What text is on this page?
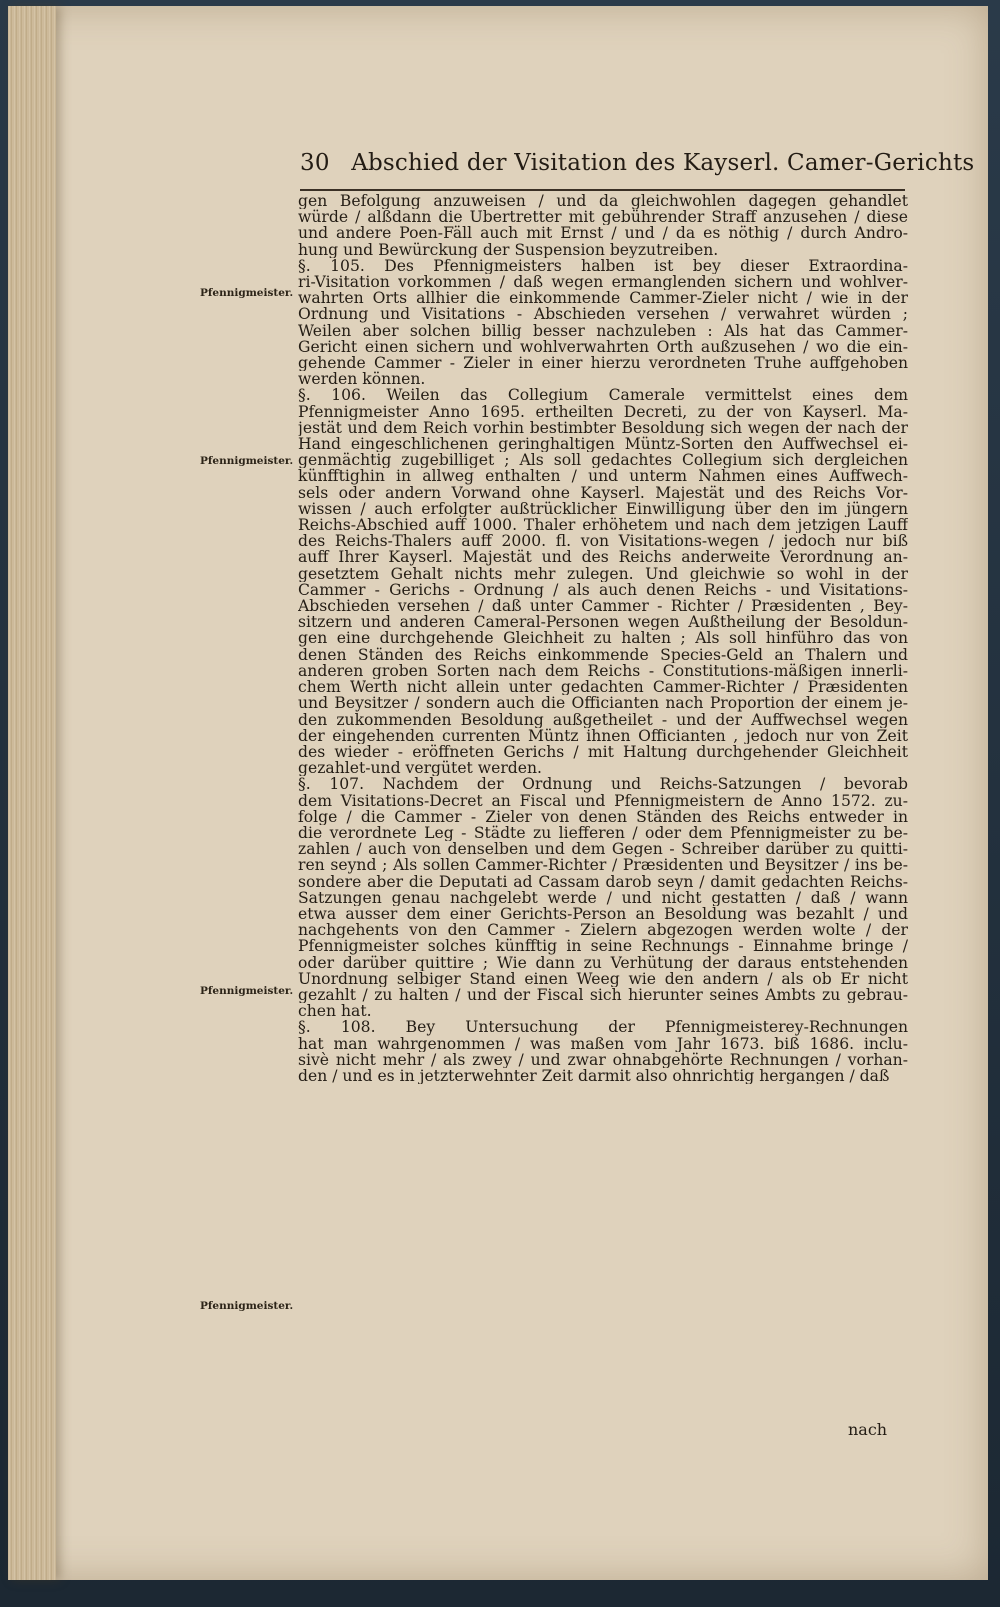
30 Abschied der Visitation des Kayserl. Camer-Gerichts
Pfennigmeister.
Pfennigmeister.
Pfennigmeister.
Pfennigmeister.
gen Befolgung anzuweisen / und da gleichwohlen dagegen gehandlet
würde / alßdann die Ubertretter mit gebührender Straff anzusehen / diese
und andere Poen-Fäll auch mit Ernst / und / da es nöthig / durch Andro-
hung und Bewürckung der Suspension beyzutreiben.
§. 105. Des Pfennigmeisters halben ist bey dieser Extraordina-
ri-Visitation vorkommen / daß wegen ermanglenden sichern und wohlver-
wahrten Orts allhier die einkommende Cammer-Zieler nicht / wie in der
Ordnung und Visitations - Abschieden versehen / verwahret würden ;
Weilen aber solchen billig besser nachzuleben : Als hat das Cammer-
Gericht einen sichern und wohlverwahrten Orth außzusehen / wo die ein-
gehende Cammer - Zieler in einer hierzu verordneten Truhe auffgehoben
werden können.
§. 106. Weilen das Collegium Camerale vermittelst eines dem
Pfennigmeister Anno 1695. ertheilten Decreti, zu der von Kayserl. Ma-
jestät und dem Reich vorhin bestimbter Besoldung sich wegen der nach der
Hand eingeschlichenen geringhaltigen Müntz-Sorten den Auffwechsel ei-
genmächtig zugebilliget ; Als soll gedachtes Collegium sich dergleichen
künfftighin in allweg enthalten / und unterm Nahmen eines Auffwech-
sels oder andern Vorwand ohne Kayserl. Majestät und des Reichs Vor-
wissen / auch erfolgter außtrücklicher Einwilligung über den im jüngern
Reichs-Abschied auff 1000. Thaler erhöhetem und nach dem jetzigen Lauff
des Reichs-Thalers auff 2000. fl. von Visitations-wegen / jedoch nur biß
auff Ihrer Kayserl. Majestät und des Reichs anderweite Verordnung an-
gesetztem Gehalt nichts mehr zulegen. Und gleichwie so wohl in der
Cammer - Gerichs - Ordnung / als auch denen Reichs - und Visitations-
Abschieden versehen / daß unter Cammer - Richter / Præsidenten , Bey-
sitzern und anderen Cameral-Personen wegen Außtheilung der Besoldun-
gen eine durchgehende Gleichheit zu halten ; Als soll hinführo das von
denen Ständen des Reichs einkommende Species-Geld an Thalern und
anderen groben Sorten nach dem Reichs - Constitutions-mäßigen innerli-
chem Werth nicht allein unter gedachten Cammer-Richter / Præsidenten
und Beysitzer / sondern auch die Officianten nach Proportion der einem je-
den zukommenden Besoldung außgetheilet - und der Auffwechsel wegen
der eingehenden currenten Müntz ihnen Officianten , jedoch nur von Zeit
des wieder - eröffneten Gerichs / mit Haltung durchgehender Gleichheit
gezahlet-und vergütet werden.
§. 107. Nachdem der Ordnung und Reichs-Satzungen / bevorab
dem Visitations-Decret an Fiscal und Pfennigmeistern de Anno 1572. zu-
folge / die Cammer - Zieler von denen Ständen des Reichs entweder in
die verordnete Leg - Städte zu liefferen / oder dem Pfennigmeister zu be-
zahlen / auch von denselben und dem Gegen - Schreiber darüber zu quitti-
ren seynd ; Als sollen Cammer-Richter / Præsidenten und Beysitzer / ins be-
sondere aber die Deputati ad Cassam darob seyn / damit gedachten Reichs-
Satzungen genau nachgelebt werde / und nicht gestatten / daß / wann
etwa ausser dem einer Gerichts-Person an Besoldung was bezahlt / und
nachgehents von den Cammer - Zielern abgezogen werden wolte / der
Pfennigmeister solches künfftig in seine Rechnungs - Einnahme bringe /
oder darüber quittire ; Wie dann zu Verhütung der daraus entstehenden
Unordnung selbiger Stand einen Weeg wie den andern / als ob Er nicht
gezahlt / zu halten / und der Fiscal sich hierunter seines Ambts zu gebrau-
chen hat.
§. 108. Bey Untersuchung der Pfennigmeisterey-Rechnungen
hat man wahrgenommen / was maßen vom Jahr 1673. biß 1686. inclu-
sivè nicht mehr / als zwey / und zwar ohnabgehörte Rechnungen / vorhan-
den / und es in jetzterwehnter Zeit darmit also ohnrichtig hergangen / daß
nach
